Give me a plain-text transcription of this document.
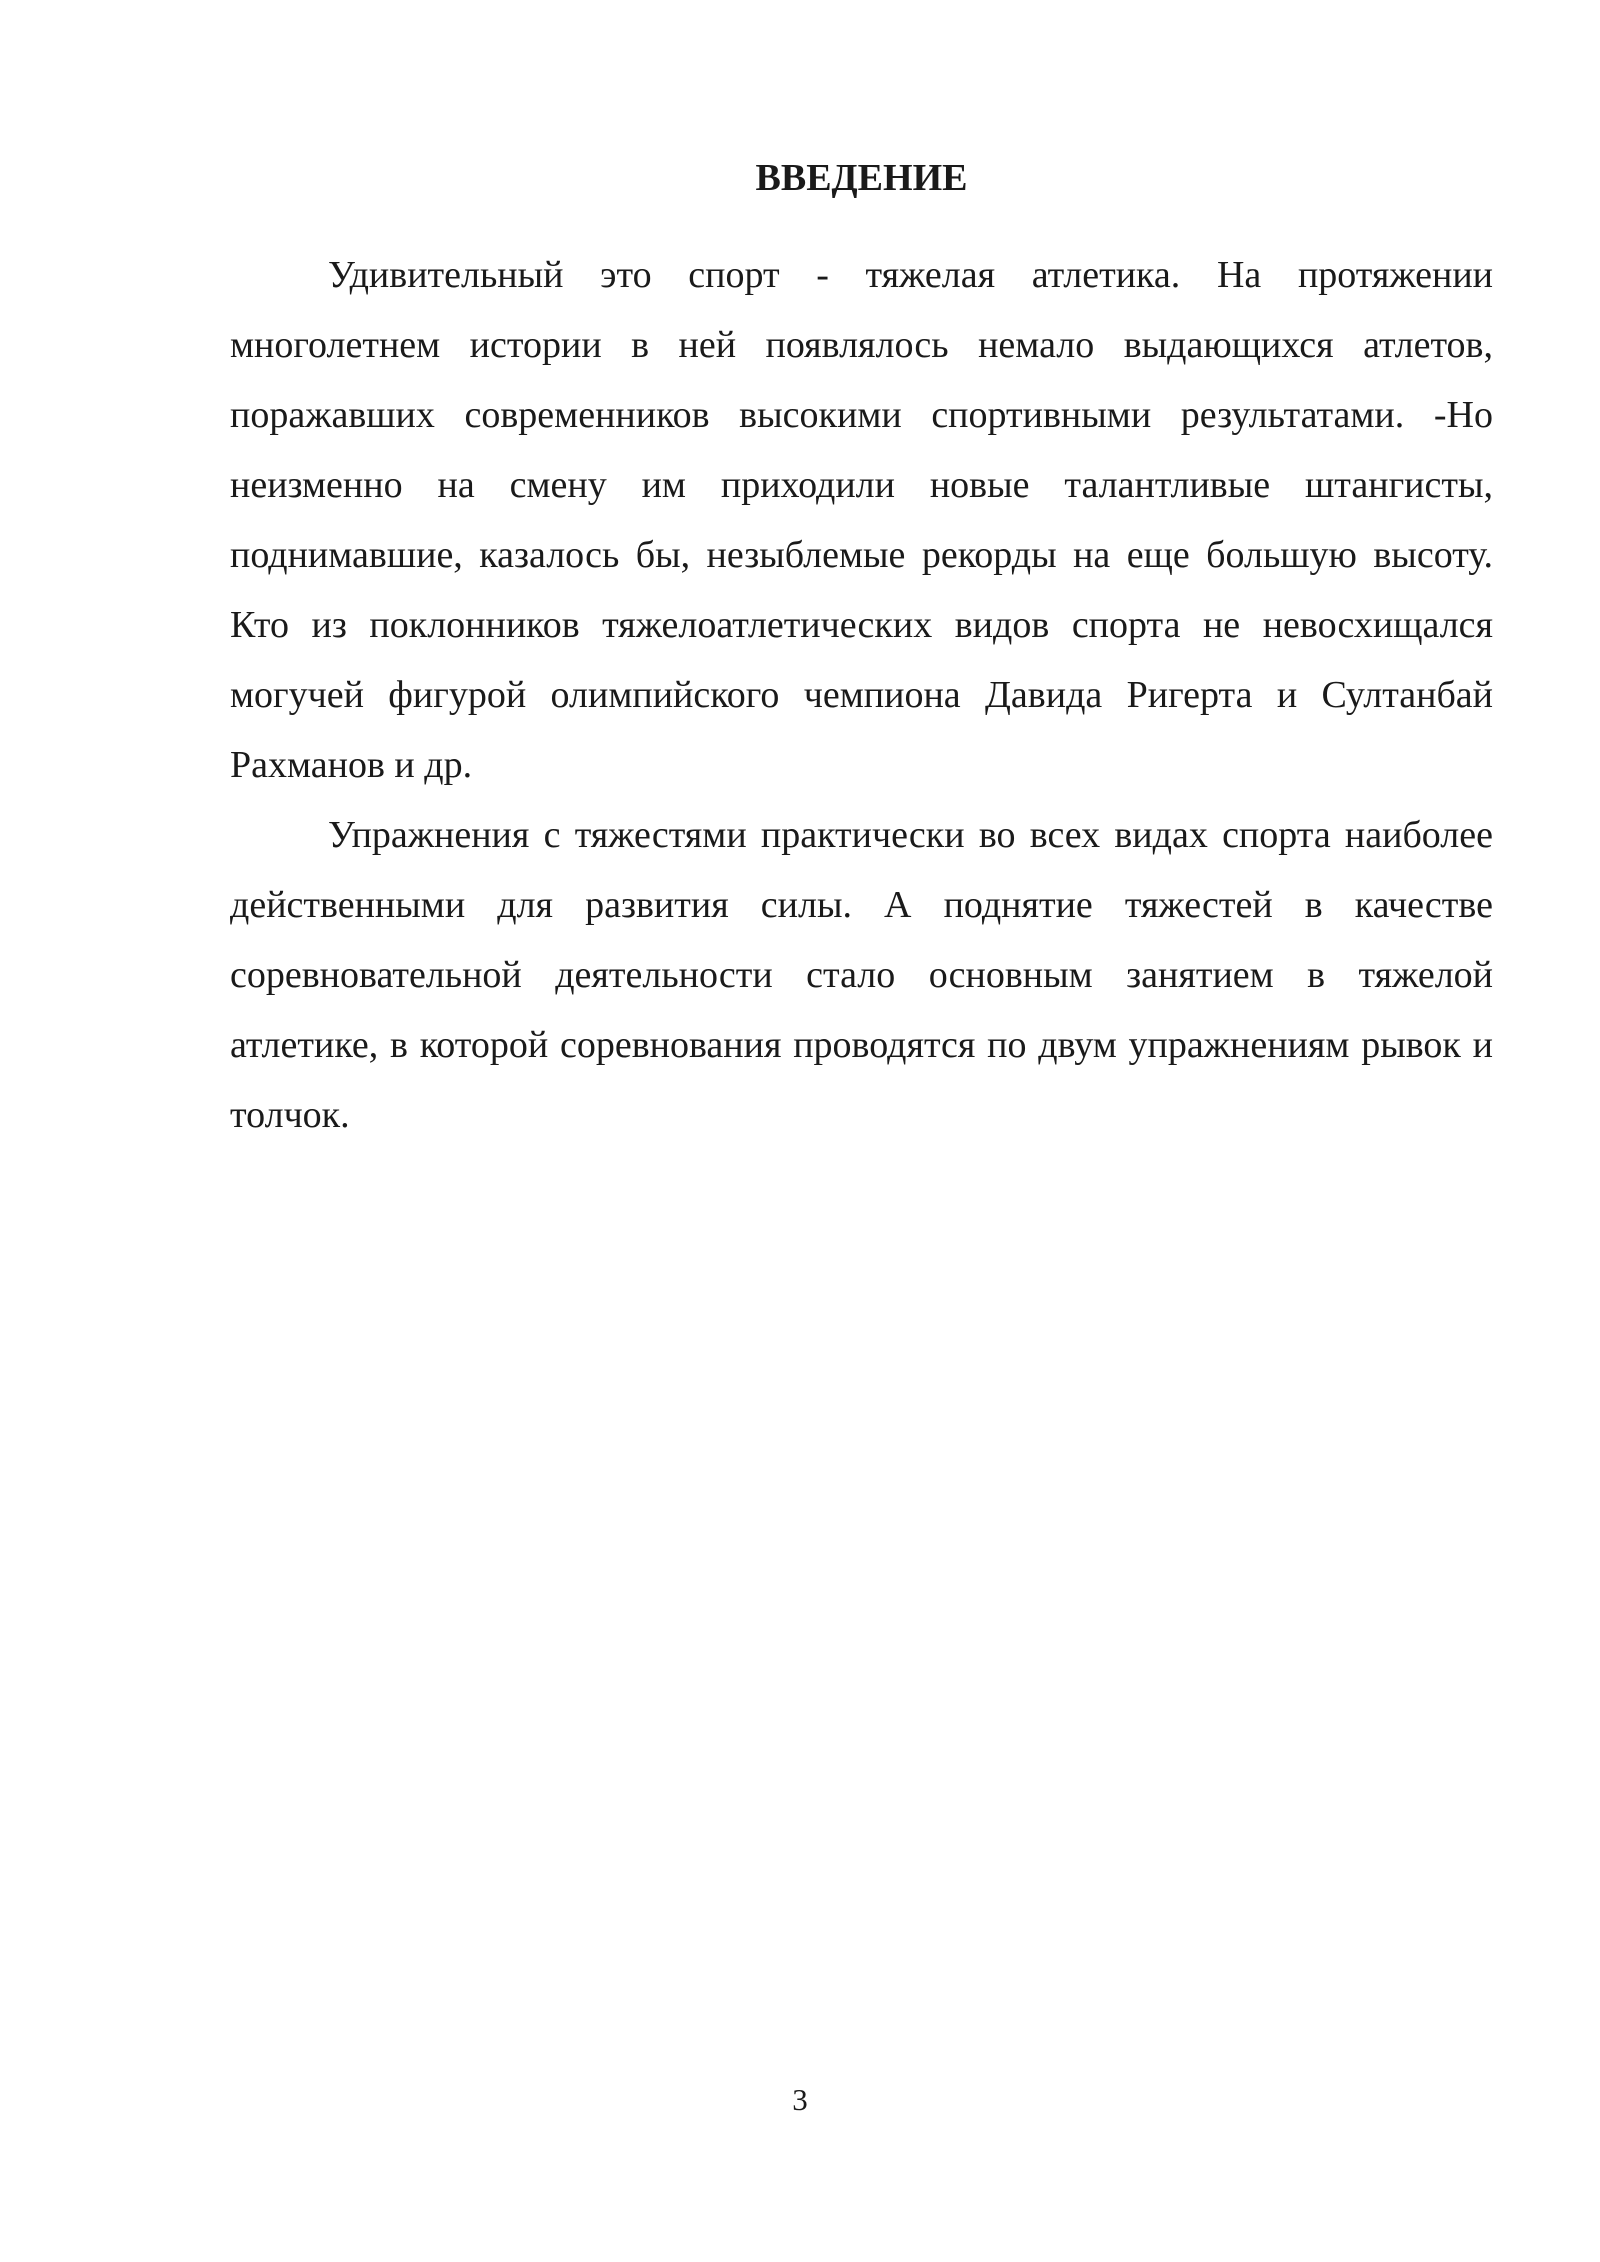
ВВЕДЕНИЕ

Удивительный это спорт - тяжелая атлетика. На протяжении многолетнем истории в ней появлялось немало выдающихся атлетов, поражавших современников высокими спортивными результатами. -Но неизменно на смену им приходили новые талантливые штангисты, поднимавшие, казалось бы, незыблемые рекорды на еще большую высоту. Кто из поклонников тяжелоатлетических видов спорта не невосхищался могучей фигурой олимпийского чемпиона Давида Ригерта и Султанбай Рахманов и др.

Упражнения с тяжестями практически во всех видах спорта наиболее действенными для развития силы. А поднятие тяжестей в качестве соревновательной деятельности стало основным занятием в тяжелой атлетике, в которой соревнования проводятся по двум упражнениям рывок и толчок.

3
